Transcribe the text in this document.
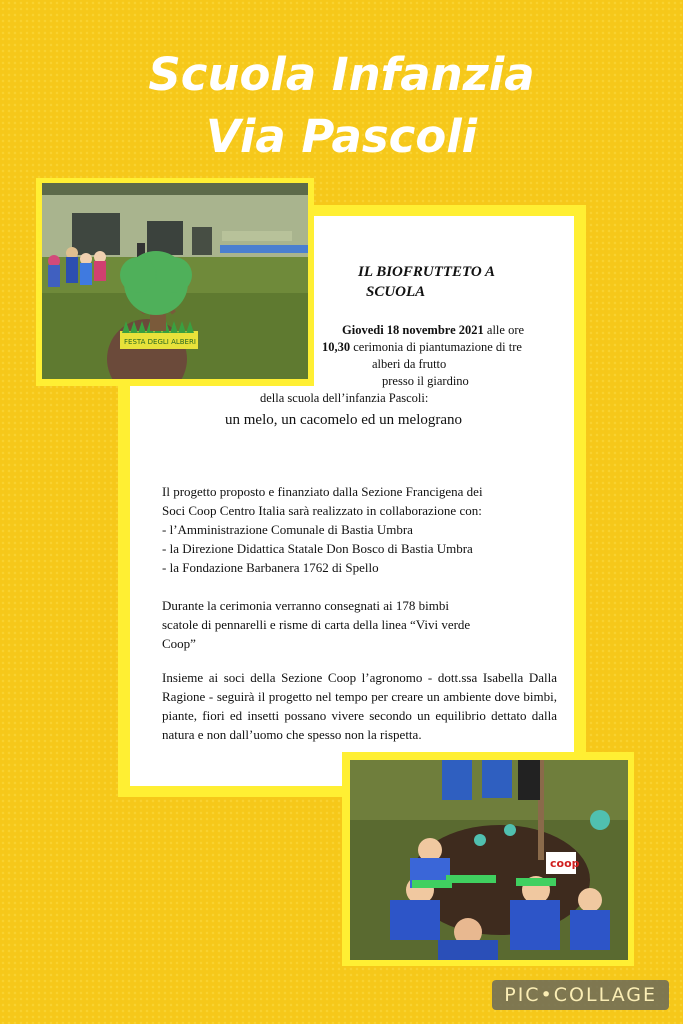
Scuola Infanzia
Via Pascoli
IL BIOFRUTTETO A
SCUOLA
Giovedi 18 novembre 2021 alle ore
10,30 cerimonia di piantumazione di tre
alberi da frutto
presso il giardino
della scuola dell’infanzia Pascoli:
un melo, un cacomelo ed un melograno
Il progetto proposto e finanziato dalla Sezione Francigena dei
Soci Coop Centro Italia sarà realizzato in collaborazione con:
- l’Amministrazione Comunale di Bastia Umbra
- la Direzione Didattica Statale Don Bosco di Bastia Umbra
- la Fondazione Barbanera 1762 di Spello
Durante la cerimonia verranno consegnati ai 178 bimbi
scatole di pennarelli e risme di carta della linea “Vivi verde
Coop”
Insieme ai soci della Sezione Coop l’agronomo - dott.ssa Isabella Dalla Ragione - seguirà il progetto nel tempo per creare un ambiente dove bimbi, piante, fiori ed insetti possano vivere secondo un equilibrio dettato dalla natura e non dall’uomo che spesso non la rispetta.
FESTA DEGLI ALBERI
coop
PIC•COLLAGE
